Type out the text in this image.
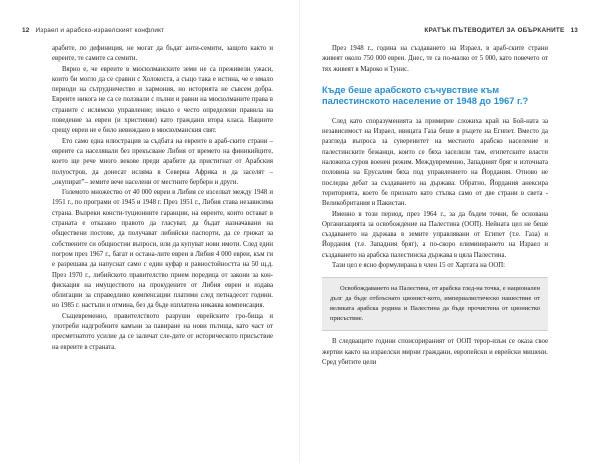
12 Израел и арабско-израелският конфликт

арабите, по дефиниция, не могат да бъдат анти-семити, защото както и евреите, те самите са семити.

Вярно е, че евреите в мюсюлманските земи не са преживели ужаси, които би могло да се сравни с Холокоста, а също така е истина, че е имало периоди на сътрудничество и хармония, но историята не съвсем добра. Евреите никога не са се ползвали с пълни и равни на мюсюлманите права в страните с ислямско управление; имало е често определени правила на поведение за евреи (и християни) като граждани втора класа. Нациите срещу евреи не е било невиждано в мюсюлманския свят.

Ето само една илюстрация за съдбата на евреите в араб-ските страни – евреите са населявали без прекъсване Либия от времето на финикийците, което ще рече много векове преди арабите да пристигнат от Арабския полуостров, да донесат исляма в Северна Африка и да заселят –„окупират”– земите вече населени от местните бербери и други.

Големото множество от 40 000 евреи в Либия се изселват между 1948 и 1951 г., по програми от 1945 и 1948 г. През 1951 г., Либия става независима страна. Въпреки консти-туционните гаранции, на евреите, които остават в страната е отказано правото да гласуват, да бъдат назначавани на обществени постове, да получават либийски паспорти, да се грижат за собствените си общностни въпроси, или да купуват нови имоти. След един погром през 1967 г., багат и остана-лите евреи в Либия 4 000 евреи, към ги е разрешава да напуснат само с един куфар и равностойността на 50 щ.д. През 1970 г., либийското правителство прием поредица от закони за кон-фискация на имуществото на прокудените от Либия евреи и издава облигации за справедливо компенсации платими след петнадесет години. но 1985 г. настъпи и отмина, без да бъде изплатена никаква компенсация.

Същевременно, правителството разруши еврейските гро-бища и употреби надгробните камъни за павиране на нови пътища, като част от пресметнатото усилие да се заличат сле-дите от историческото присъствие на евреите в страната.

КРАТЪК ПЪТЕВОДИТЕЛ ЗА ОБЪРКАНИТЕ 13

През 1948 г., година на създаването на Израел, в араб-ските страни живеят около 750 000 евреи. Днес, те са по-малко от 5 000, като повечето от тях живеят в Мароко и Тунис.

Къде беше арабското съчувствие към палестинското население от 1948 до 1967 г.?

След като споразуменията за примирие сложиха край на Бой-ната за независимост на Израел, ивицата Газа беше в ръцете на Египет. Вместо да разгледа въпроса за суверенитет на местното арабско население и палестинските бежанци, които се бяха заселили там, египетските власти наложиха суров военен режим. Междувременно, Западният бряг и източната половина на Ерусалим бяха под управлението на Йордания. Отново не последва дебат за създаването на държава. Обратно, Йордания анексира територията, което бе признато като стъпка само от две страни в света - Великобритания и Пакистан.

Именно в този период, през 1964 г., за да бъдем точни, бе основана Организацията за освобождение на Палестина (ООП). Нейната цел не беше създаването на държава в земите управлявани от Египет (т.е. Газа) и Йордания (т.е. Западния бряг), а по-скоро елиминирането на Израел и създаването на арабска палестинска държава в цяла Палестина.

Тази цел е ясно формулирана в член 15 от Хартата на ООП:

Освобождаването на Палестина, от арабска глед-на точка, е национален дълг да бъде отблъснато ционист-кото, империалистическо нашествие от великата арабска родина и Палестина да бъде прочистена от ционистко присъствие.

В следващите години спонсорираният от ООП терор-изъм се оказа свое жертви както на израелски мирни граждани, европейски и еврейски мишени. Сред убитите цели
